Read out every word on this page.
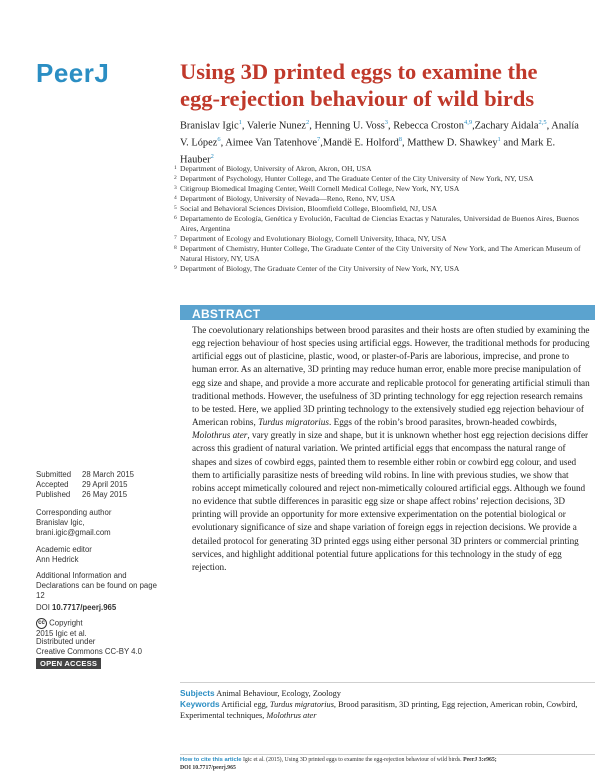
PeerJ	Using 3D printed eggs to examine the
egg-rejection behaviour of wild birds
Branislav Igic$^1$, Valerie Nunez$^2$, Henning U. Voss$^3$, Rebecca Croston$^{4,9}$,Zachary Aidala$^{2,5}$, Analía V. López$^6$, Aimee Van Tatenhove$^7$,Mandë E. Holford$^8$, Matthew D. Shawkey$^1$ and Mark E. Hauber$^2$
1 Department of Biology, University of Akron, Akron, OH, USA
2 Department of Psychology, Hunter College, and The Graduate Center of the City University of New York, NY, USA
3 Citigroup Biomedical Imaging Center, Weill Cornell Medical College, New York, NY, USA
4 Department of Biology, University of Nevada—Reno, Reno, NV, USA
5 Social and Behavioral Sciences Division, Bloomfield College, Bloomfield, NJ, USA
6 Departamento de Ecología, Genética y Evolución, Facultad de Ciencias Exactas y Naturales, Universidad de Buenos Aires, Buenos Aires, Argentina
7 Department of Ecology and Evolutionary Biology, Cornell University, Ithaca, NY, USA
8 Department of Chemistry, Hunter College, The Graduate Center of the City University of New York, and The American Museum of Natural History, NY, USA
9 Department of Biology, The Graduate Center of the City University of New York, NY, USA
ABSTRACT
The coevolutionary relationships between brood parasites and their hosts are often studied by examining the egg rejection behaviour of host species using artificial eggs. However, the traditional methods for producing artificial eggs out of plasticine, plastic, wood, or plaster-of-Paris are laborious, imprecise, and prone to human error. As an alternative, 3D printing may reduce human error, enable more precise manipulation of egg size and shape, and provide a more accurate and replicable protocol for generating artificial stimuli than traditional methods. However, the usefulness of 3D printing technology for egg rejection research remains to be tested. Here, we applied 3D printing technology to the extensively studied egg rejection behaviour of American robins, Turdus migratorius. Eggs of the robin’s brood parasites, brown-headed cowbirds, Molothrus ater, vary greatly in size and shape, but it is unknown whether host egg rejection decisions differ across this gradient of natural variation. We printed artificial eggs that encompass the natural range of shapes and sizes of cowbird eggs, painted them to resemble either robin or cowbird egg colour, and used them to artificially parasitize nests of breeding wild robins. In line with previous studies, we show that robins accept mimetically coloured and reject non-mimetically coloured artificial eggs. Although we found no evidence that subtle differences in parasitic egg size or shape affect robins’ rejection decisions, 3D printing will provide an opportunity for more extensive experimentation on the potential biological or evolutionary significance of size and shape variation of foreign eggs in rejection decisions. We provide a detailed protocol for generating 3D printed eggs using either personal 3D printers or commercial printing services, and highlight additional potential future applications for this technology in the study of egg rejection.
Submitted 28 March 2015
Accepted 29 April 2015
Published 26 May 2015
Corresponding author
Branislav Igic,
brani.igic@gmail.com
Academic editor
Ann Hedrick
Additional Information and Declarations can be found on page 12
DOI 10.7717/peerj.965
cc Copyright
2015 Igic et al.
Distributed under
Creative Commons CC-BY 4.0
OPEN ACCESS
Subjects Animal Behaviour, Ecology, Zoology
Keywords Artificial egg, Turdus migratorius, Brood parasitism, 3D printing, Egg rejection, American robin, Cowbird, Experimental techniques, Molothrus ater
How to cite this article Igic et al. (2015), Using 3D printed eggs to examine the egg-rejection behaviour of wild birds. PeerJ 3:e965;
DOI 10.7717/peerj.965
